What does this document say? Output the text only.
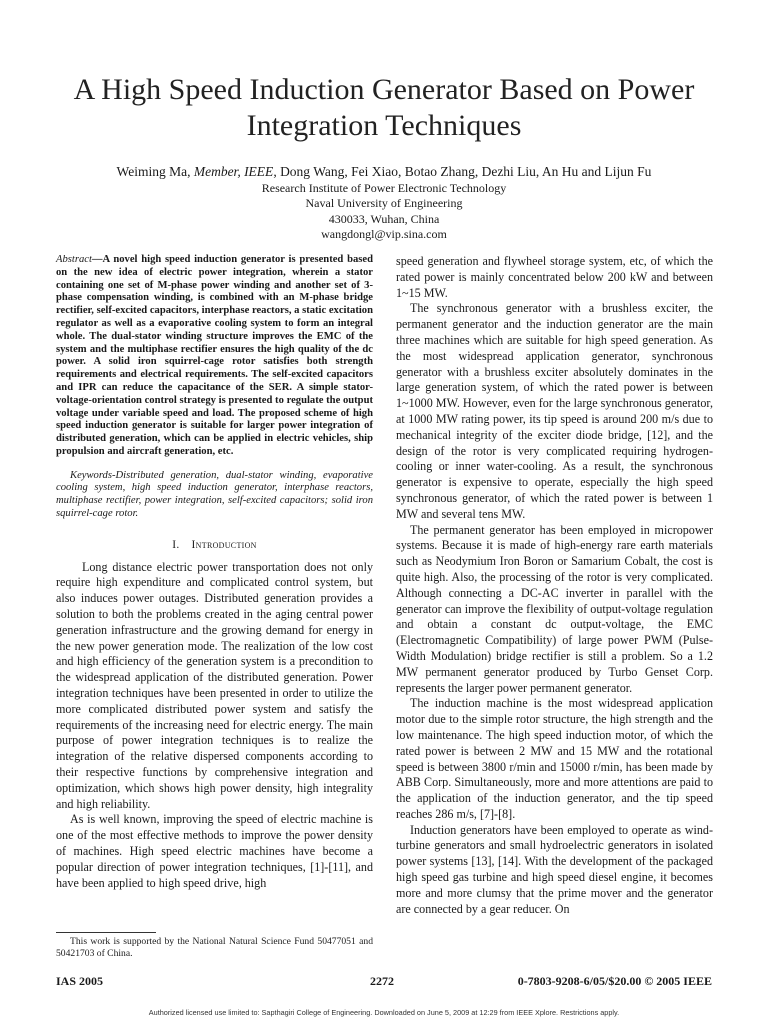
A High Speed Induction Generator Based on Power Integration Techniques
Weiming Ma, Member, IEEE, Dong Wang, Fei Xiao, Botao Zhang, Dezhi Liu, An Hu and Lijun Fu
Research Institute of Power Electronic Technology
Naval University of Engineering
430033, Wuhan, China
wangdongl@vip.sina.com

Abstract—A novel high speed induction generator is presented based on the new idea of electric power integration, wherein a stator containing one set of M-phase power winding and another set of 3-phase compensation winding, is combined with an M-phase bridge rectifier, self-excited capacitors, interphase reactors, a static excitation regulator as well as a evaporative cooling system to form an integral whole. The dual-stator winding structure improves the EMC of the system and the multiphase rectifier ensures the high quality of the dc power. A solid iron squirrel-cage rotor satisfies both strength requirements and electrical requirements. The self-excited capacitors and IPR can reduce the capacitance of the SER. A simple stator-voltage-orientation control strategy is presented to regulate the output voltage under variable speed and load. The proposed scheme of high speed induction generator is suitable for larger power integration of distributed generation, which can be applied in electric vehicles, ship propulsion and aircraft generation, etc.

Keywords-Distributed generation, dual-stator winding, evaporative cooling system, high speed induction generator, interphase reactors, multiphase rectifier, power integration, self-excited capacitors; solid iron squirrel-cage rotor.

I. Introduction

Long distance electric power transportation does not only require high expenditure and complicated control system, but also induces power outages. Distributed generation provides a solution to both the problems created in the aging central power generation infrastructure and the growing demand for energy in the new power generation mode. The realization of the low cost and high efficiency of the generation system is a precondition to the widespread application of the distributed generation. Power integration techniques have been presented in order to utilize the more complicated distributed power system and satisfy the requirements of the increasing need for electric energy. The main purpose of power integration techniques is to realize the integration of the relative dispersed components according to their respective functions by comprehensive integration and optimization, which shows high power density, high integrality and high reliability.

As is well known, improving the speed of electric machine is one of the most effective methods to improve the power density of machines. High speed electric machines have become a popular direction of power integration techniques, [1]-[11], and have been applied to high speed drive, high

speed generation and flywheel storage system, etc, of which the rated power is mainly concentrated below 200 kW and between 1~15 MW.

The synchronous generator with a brushless exciter, the permanent generator and the induction generator are the main three machines which are suitable for high speed generation. As the most widespread application generator, synchronous generator with a brushless exciter absolutely dominates in the large generation system, of which the rated power is between 1~1000 MW. However, even for the large synchronous generator, at 1000 MW rating power, its tip speed is around 200 m/s due to mechanical integrity of the exciter diode bridge, [12], and the design of the rotor is very complicated requiring hydrogen-cooling or inner water-cooling. As a result, the synchronous generator is expensive to operate, especially the high speed synchronous generator, of which the rated power is between 1 MW and several tens MW.

The permanent generator has been employed in micropower systems. Because it is made of high-energy rare earth materials such as Neodymium Iron Boron or Samarium Cobalt, the cost is quite high. Also, the processing of the rotor is very complicated. Although connecting a DC-AC inverter in parallel with the generator can improve the flexibility of output-voltage regulation and obtain a constant dc output-voltage, the EMC (Electromagnetic Compatibility) of large power PWM (Pulse-Width Modulation) bridge rectifier is still a problem. So a 1.2 MW permanent generator produced by Turbo Genset Corp. represents the larger power permanent generator.

The induction machine is the most widespread application motor due to the simple rotor structure, the high strength and the low maintenance. The high speed induction motor, of which the rated power is between 2 MW and 15 MW and the rotational speed is between 3800 r/min and 15000 r/min, has been made by ABB Corp. Simultaneously, more and more attentions are paid to the application of the induction generator, and the tip speed reaches 286 m/s, [7]-[8].

Induction generators have been employed to operate as wind-turbine generators and small hydroelectric generators in isolated power systems [13], [14]. With the development of the packaged high speed gas turbine and high speed diesel engine, it becomes more and more clumsy that the prime mover and the generator are connected by a gear reducer. On

This work is supported by the National Natural Science Fund 50477051 and 50421703 of China.

IAS 2005	2272	0-7803-9208-6/05/$20.00 © 2005 IEEE
Authorized licensed use limited to: Sapthagiri College of Engineering. Downloaded on June 5, 2009 at 12:29 from IEEE Xplore. Restrictions apply.
